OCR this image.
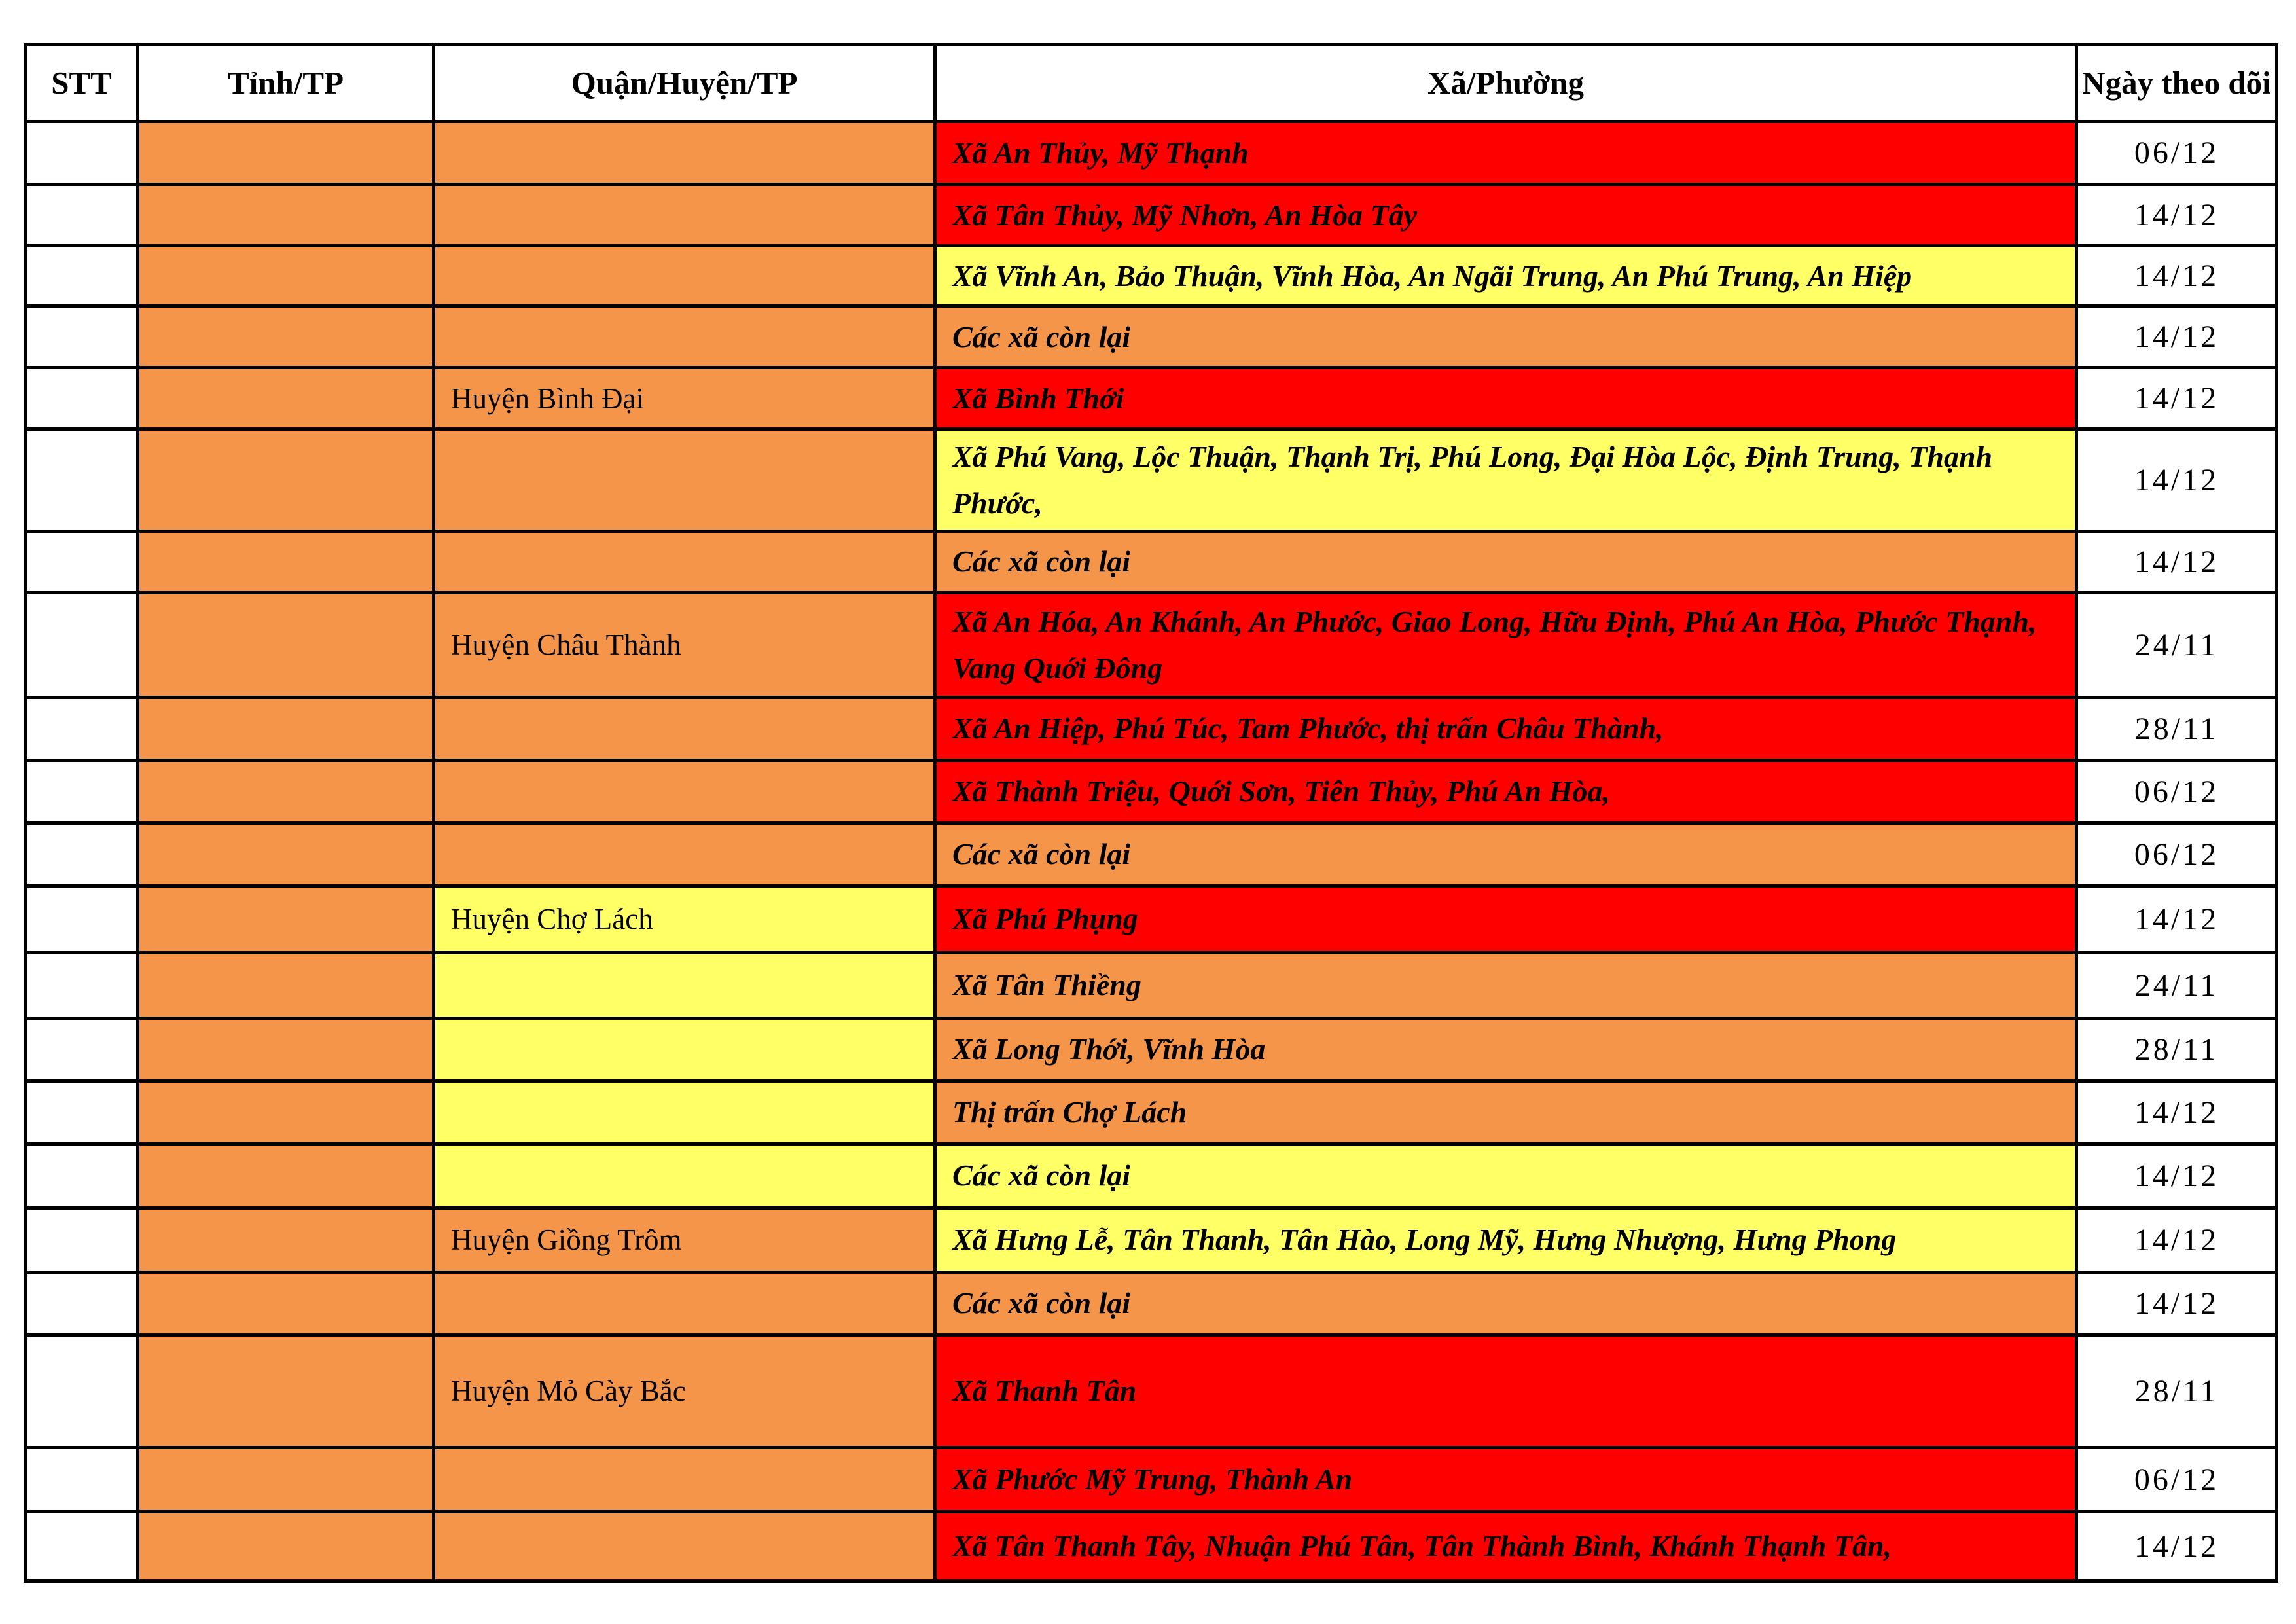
STT	Tỉnh/TP	Quận/Huyện/TP	Xã/Phường	Ngày theo dõi
			Xã An Thủy, Mỹ Thạnh	06/12
			Xã Tân Thủy, Mỹ Nhơn, An Hòa Tây	14/12
			Xã Vĩnh An, Bảo Thuận, Vĩnh Hòa, An Ngãi Trung, An Phú Trung, An Hiệp	14/12
			Các xã còn lại	14/12
		Huyện Bình Đại	Xã Bình Thới	14/12
			Xã Phú Vang, Lộc Thuận, Thạnh Trị, Phú Long, Đại Hòa Lộc, Định Trung, Thạnh Phước,	14/12
			Các xã còn lại	14/12
		Huyện Châu Thành	Xã An Hóa, An Khánh, An Phước, Giao Long, Hữu Định, Phú An Hòa, Phước Thạnh, Vang Quới Đông	24/11
			Xã An Hiệp, Phú Túc, Tam Phước, thị trấn Châu Thành,	28/11
			Xã Thành Triệu, Quới Sơn, Tiên Thủy, Phú An Hòa,	06/12
			Các xã còn lại	06/12
		Huyện Chợ Lách	Xã Phú Phụng	14/12
			Xã Tân Thiềng	24/11
			Xã Long Thới, Vĩnh Hòa	28/11
			Thị trấn Chợ Lách	14/12
			Các xã còn lại	14/12
		Huyện Giồng Trôm	Xã Hưng Lễ, Tân Thanh, Tân Hào, Long Mỹ, Hưng Nhượng, Hưng Phong	14/12
			Các xã còn lại	14/12
		Huyện Mỏ Cày Bắc	Xã Thanh Tân	28/11
			Xã Phước Mỹ Trung, Thành An	06/12
			Xã Tân Thanh Tây, Nhuận Phú Tân, Tân Thành Bình, Khánh Thạnh Tân,	14/12
